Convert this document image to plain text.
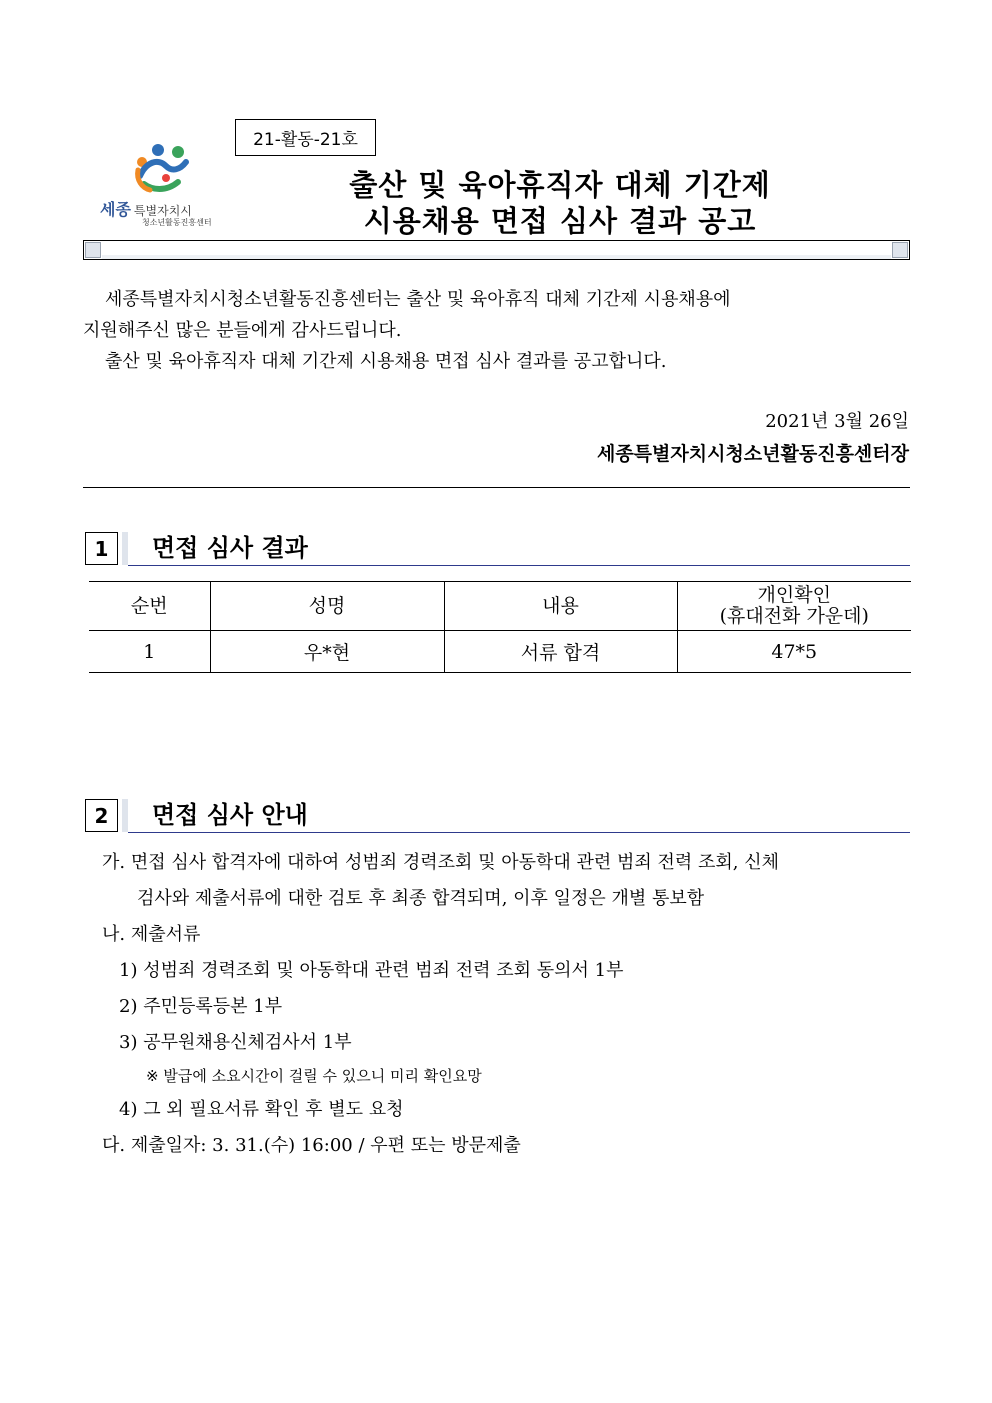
21-활동-21호
세종 특별자치시
청소년활동진흥센터
출산 및 육아휴직자 대체 기간제
시용채용 면접 심사 결과 공고
세종특별자치시청소년활동진흥센터는 출산 및 육아휴직 대체 기간제 시용채용에
지원해주신 많은 분들에게 감사드립니다.
출산 및 육아휴직자 대체 기간제 시용채용 면접 심사 결과를 공고합니다.
2021년 3월 26일
세종특별자치시청소년활동진흥센터장
1	면접 심사 결과
순번	성명	내용	개인확인
(휴대전화 가운데)

1	우*현	서류 합격	47*5
2	면접 심사 안내
가. 면접 심사 합격자에 대하여 성범죄 경력조회 및 아동학대 관련 범죄 전력 조회, 신체
검사와 제출서류에 대한 검토 후 최종 합격되며, 이후 일정은 개별 통보함
나. 제출서류
1) 성범죄 경력조회 및 아동학대 관련 범죄 전력 조회 동의서 1부
2) 주민등록등본 1부
3) 공무원채용신체검사서 1부
※ 발급에 소요시간이 걸릴 수 있으니 미리 확인요망
4) 그 외 필요서류 확인 후 별도 요청
다. 제출일자: 3. 31.(수) 16:00 / 우편 또는 방문제출
